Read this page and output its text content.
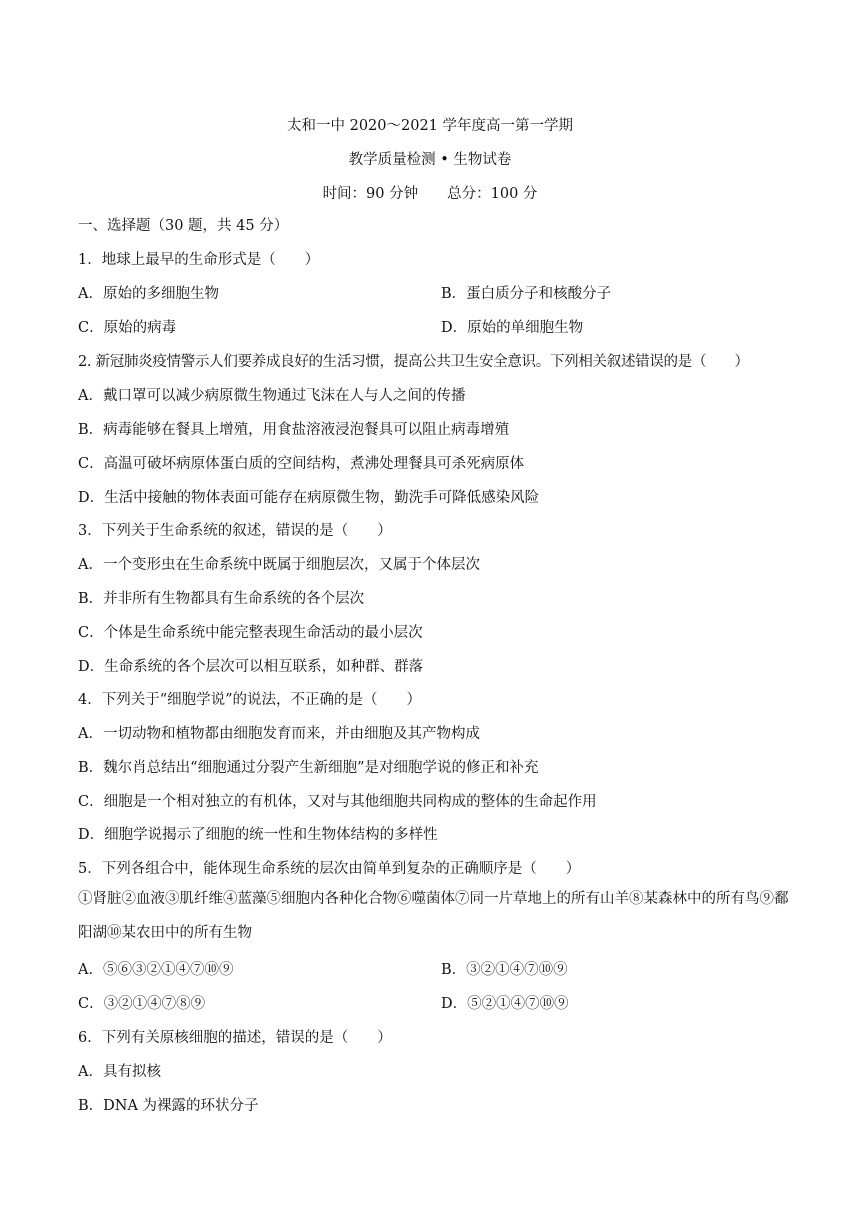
太和一中 2020～2021 学年度高一第一学期
教学质量检测 • 生物试卷
时间：90 分钟　　总分：100 分
一、选择题（30 题，共 45 分）
1．地球上最早的生命形式是（　　）
A．原始的多细胞生物	B．蛋白质分子和核酸分子
C．原始的病毒	D．原始的单细胞生物
2. 新冠肺炎疫情警示人们要养成良好的生活习惯，提高公共卫生安全意识。下列相关叙述错误的是（　　）
A．戴口罩可以减少病原微生物通过飞沫在人与人之间的传播
B．病毒能够在餐具上增殖，用食盐溶液浸泡餐具可以阻止病毒增殖
C．高温可破坏病原体蛋白质的空间结构，煮沸处理餐具可杀死病原体
D．生活中接触的物体表面可能存在病原微生物，勤洗手可降低感染风险
3．下列关于生命系统的叙述，错误的是（　　）
A．一个变形虫在生命系统中既属于细胞层次，又属于个体层次
B．并非所有生物都具有生命系统的各个层次
C．个体是生命系统中能完整表现生命活动的最小层次
D．生命系统的各个层次可以相互联系，如种群、群落
4．下列关于“细胞学说”的说法，不正确的是（　　）
A．一切动物和植物都由细胞发育而来，并由细胞及其产物构成
B．魏尔肖总结出“细胞通过分裂产生新细胞”是对细胞学说的修正和补充
C．细胞是一个相对独立的有机体，又对与其他细胞共同构成的整体的生命起作用
D．细胞学说揭示了细胞的统一性和生物体结构的多样性
5．下列各组合中，能体现生命系统的层次由简单到复杂的正确顺序是（　　）
①肾脏②血液③肌纤维④蓝藻⑤细胞内各种化合物⑥噬菌体⑦同一片草地上的所有山羊⑧某森林中的所有鸟⑨鄱阳湖⑩某农田中的所有生物
A．⑤⑥③②①④⑦⑩⑨	B．③②①④⑦⑩⑨
C．③②①④⑦⑧⑨	D．⑤②①④⑦⑩⑨
6．下列有关原核细胞的描述，错误的是（　　）
A．具有拟核
B．DNA 为裸露的环状分子
